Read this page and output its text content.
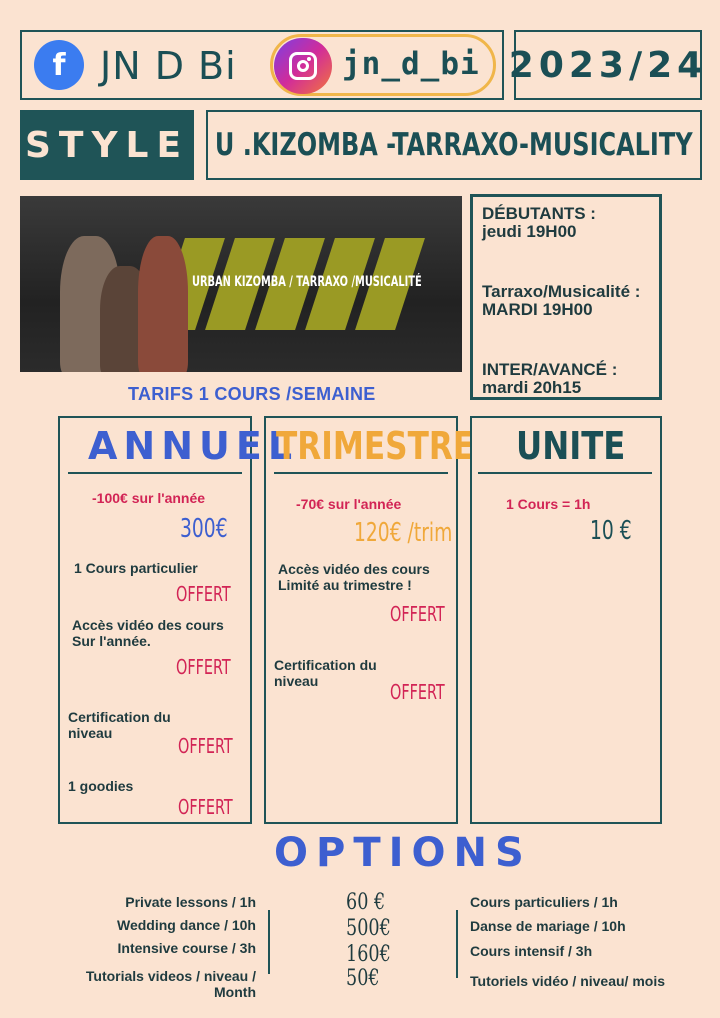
f JN D Bi	jn_d_bi 2023/24
STYLE U .KIZOMBA -TARRAXO-MUSICALITY
URBAN KIZOMBA / TARRAXO /MUSICALITÉ
DÉBUTANTS :
jeudi 19H00
Tarraxo/Musicalité :
MARDI 19H00
INTER/AVANCÉ :
mardi 20h15
TARIFS 1 COURS /SEMAINE
ANNUEL
-100€ sur l'année
300€
1 Cours particulier
OFFERT
Accès vidéo des cours
Sur l'année.
OFFERT
Certification du
niveau
OFFERT
1 goodies
OFFERT
TRIMESTRE
-70€ sur l'année
120€ /trim
Accès vidéo des cours
Limité au trimestre !
OFFERT
Certification du
niveau	OFFERT
UNITE
1 Cours = 1h
10 €
OPTIONS
Private lessons / 1h	60 €	Cours particuliers / 1h
Wedding dance / 10h	500€	Danse de mariage / 10h
Intensive course / 3h	160€	Cours intensif / 3h
Tutorials videos / niveau /
Month
50€	Tutoriels vidéo / niveau/ mois
